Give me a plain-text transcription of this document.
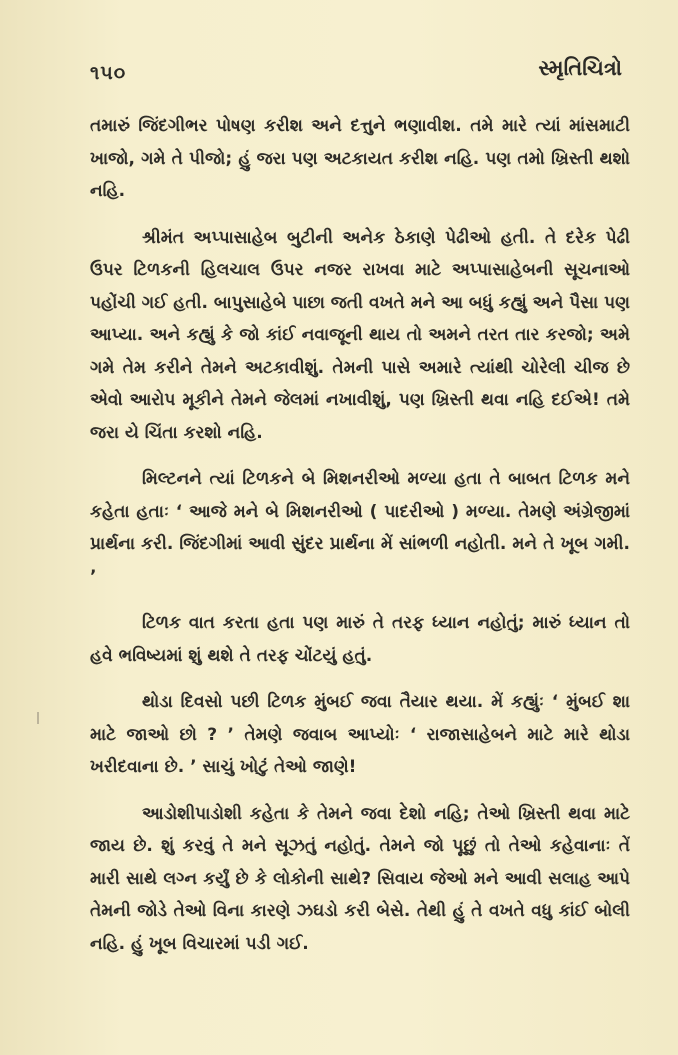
૧૫૦	સ્મૃતિચિત્રો

તમારું જિંદગીભર પોષણ કરીશ અને દત્તુને ભણાવીશ. તમે મારે ત્યાં માંસમાટી ખાજો, ગમે તે પીજો; હું જરા પણ અટકાયત કરીશ નહિ. પણ તમો ખ્રિસ્તી થશો નહિ.

શ્રીમંત અપ્પાસાહેબ બુટીની અનેક ઠેકાણે પેઢીઓ હતી. તે દરેક પેઢી ઉપર ટિળકની હિલચાલ ઉપર નજર રાખવા માટે અપ્પાસાહેબની સૂચનાઓ પહોંચી ગઈ હતી. બાપુસાહેબે પાછા જતી વખતે મને આ બધું કહ્યું અને પૈસા પણ આપ્યા. અને કહ્યું કે જો કાંઈ નવાજૂની થાય તો અમને તરત તાર કરજો; અમે ગમે તેમ કરીને તેમને અટકાવીશું. તેમની પાસે અમારે ત્યાંથી ચોરેલી ચીજ છે એવો આરોપ મૂકીને તેમને જેલમાં નખાવીશું, પણ ખ્રિસ્તી થવા નહિ દઈએ! તમે જરા યે ચિંતા કરશો નહિ.

મિલ્ટનને ત્યાં ટિળકને બે મિશનરીઓ મળ્યા હતા તે બાબત ટિળક મને કહેતા હતાઃ ‘ આજે મને બે મિશનરીઓ ( પાદરીઓ ) મળ્યા. તેમણે અંગ્રેજીમાં પ્રાર્થના કરી. જિંદગીમાં આવી સુંદર પ્રાર્થના મેં સાંભળી નહોતી. મને તે ખૂબ ગમી. ’

ટિળક વાત કરતા હતા પણ મારું તે તરફ ધ્યાન નહોતું; મારું ધ્યાન તો હવે ભવિષ્યમાં શું થશે તે તરફ ચોંટયું હતું.

થોડા દિવસો પછી ટિળક મુંબઈ જવા તૈયાર થયા. મેં કહ્યુંઃ ‘ મુંબઈ શા માટે જાઓ છો ? ’ તેમણે જવાબ આપ્યોઃ ‘ રાજાસાહેબને માટે મારે થોડા ખરીદવાના છે. ’ સાચું ખોટું તેઓ જાણે!

આડોશીપાડોશી કહેતા કે તેમને જવા દેશો નહિ; તેઓ ખ્રિસ્તી થવા માટે જાય છે. શું કરવું તે મને સૂઝતું નહોતું. તેમને જો પૂછું તો તેઓ કહેવાનાઃ તેં મારી સાથે લગ્ન કર્યું છે કે લોકોની સાથે? સિવાય જેઓ મને આવી સલાહ આપે તેમની જોડે તેઓ વિના કારણે ઝઘડો કરી બેસે. તેથી હું તે વખતે વધુ કાંઈ બોલી નહિ. હું ખૂબ વિચારમાં પડી ગઈ.
